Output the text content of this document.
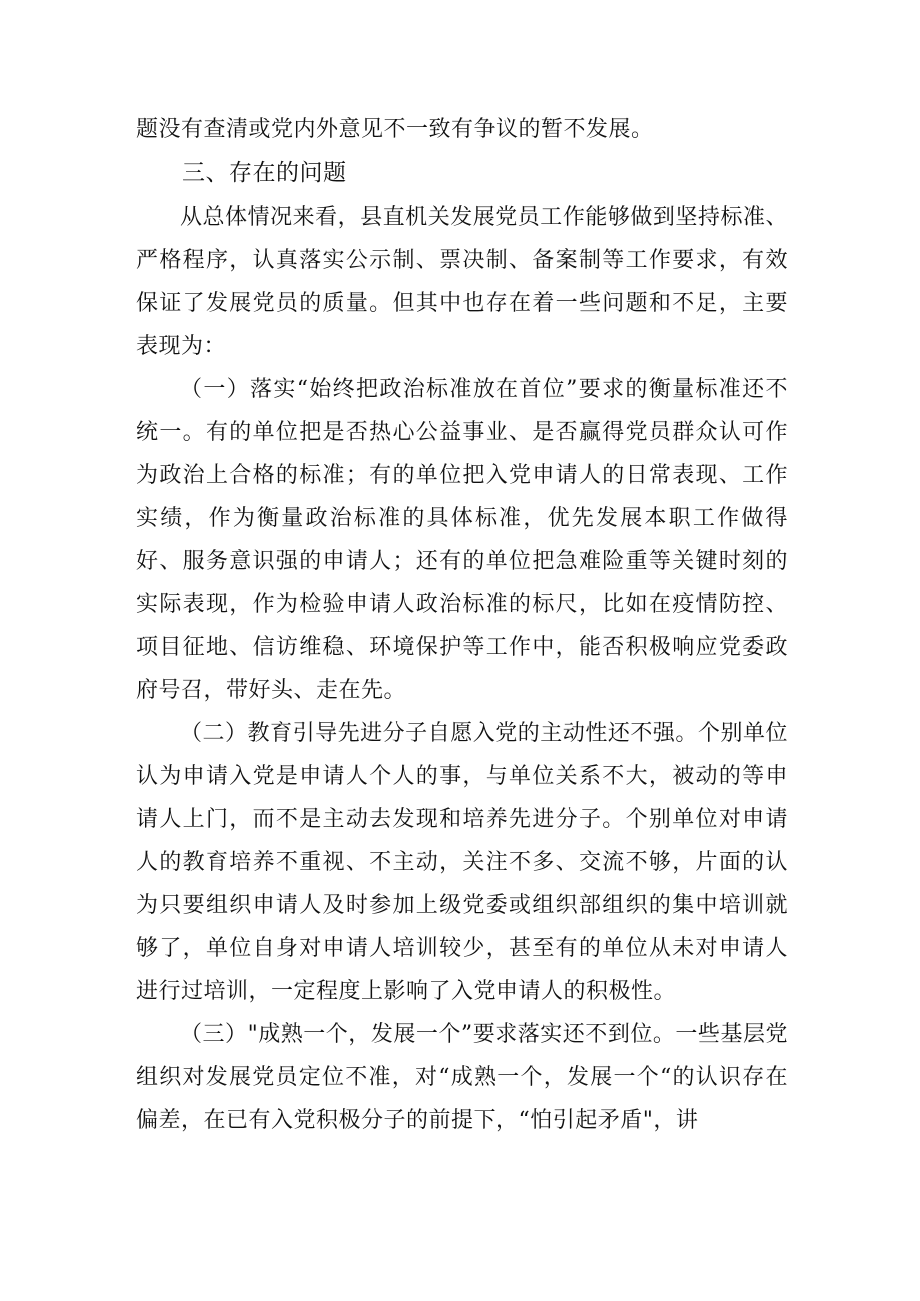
题没有查清或党内外意见不一致有争议的暂不发展。

三、存在的问题

从总体情况来看，县直机关发展党员工作能够做到坚持标准、严格程序，认真落实公示制、票决制、备案制等工作要求，有效保证了发展党员的质量。但其中也存在着一些问题和不足，主要表现为：

（一）落实“始终把政治标准放在首位”要求的衡量标准还不统一。有的单位把是否热心公益事业、是否赢得党员群众认可作为政治上合格的标准；有的单位把入党申请人的日常表现、工作实绩，作为衡量政治标准的具体标准，优先发展本职工作做得好、服务意识强的申请人；还有的单位把急难险重等关键时刻的实际表现，作为检验申请人政治标准的标尺，比如在疫情防控、项目征地、信访维稳、环境保护等工作中，能否积极响应党委政府号召，带好头、走在先。

（二）教育引导先进分子自愿入党的主动性还不强。个别单位认为申请入党是申请人个人的事，与单位关系不大，被动的等申请人上门，而不是主动去发现和培养先进分子。个别单位对申请人的教育培养不重视、不主动，关注不多、交流不够，片面的认为只要组织申请人及时参加上级党委或组织部组织的集中培训就够了，单位自身对申请人培训较少，甚至有的单位从未对申请人进行过培训，一定程度上影响了入党申请人的积极性。

（三）"成熟一个，发展一个”要求落实还不到位。一些基层党组织对发展党员定位不准，对“成熟一个，发展一个“的认识存在偏差，在已有入党积极分子的前提下，“怕引起矛盾"，讲
